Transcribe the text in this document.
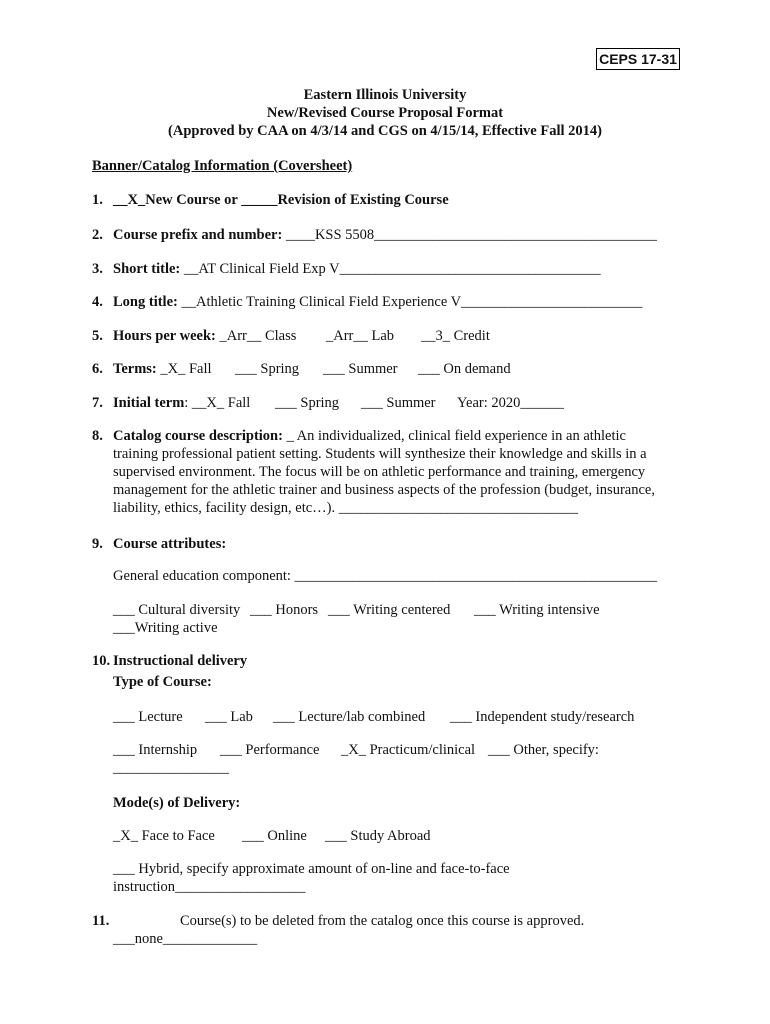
CEPS 17-31
Eastern Illinois University
New/Revised Course Proposal Format
(Approved by CAA on 4/3/14 and CGS on 4/15/14, Effective Fall 2014)
Banner/Catalog Information (Coversheet)
1. __X_New Course or _____Revision of Existing Course
2. Course prefix and number: ____KSS 5508_______________________________________
3. Short title: __AT Clinical Field Exp V____________________________________
4. Long title: __Athletic Training Clinical Field Experience V_________________________
5. Hours per week: _Arr__ Class _Arr__ Lab __3_ Credit
6. Terms: _X_ Fall ___ Spring ___ Summer ___ On demand
7. Initial term: __X_ Fall ___ Spring ___ Summer Year: 2020______
8. Catalog course description: _ An individualized, clinical field experience in an athletic
training professional patient setting. Students will synthesize their knowledge and skills in a
supervised environment. The focus will be on athletic performance and training, emergency
management for the athletic trainer and business aspects of the profession (budget, insurance,
liability, ethics, facility design, etc…). _________________________________
9. Course attributes:
General education component: __________________________________________________
___ Cultural diversity ___ Honors ___ Writing centered ___ Writing intensive
___Writing active
10. Instructional delivery
Type of Course:
___ Lecture ___ Lab ___ Lecture/lab combined ___ Independent study/research
___ Internship ___ Performance _X_ Practicum/clinical ___ Other, specify:
________________
Mode(s) of Delivery:
_X_ Face to Face ___ Online ___ Study Abroad
___ Hybrid, specify approximate amount of on-line and face-to-face
instruction__________________
11.	Course(s) to be deleted from the catalog once this course is approved.
___none_____________
